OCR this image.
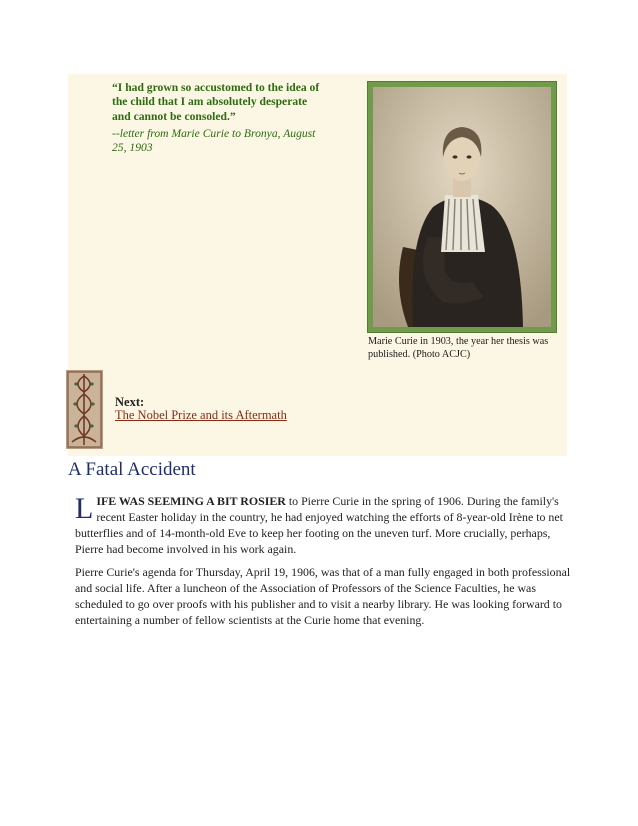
“I had grown so accustomed to the idea of the child that I am absolutely desperate and cannot be consoled.”
--letter from Marie Curie to Bronya, August 25, 1903
Marie Curie in 1903, the year her thesis was published. (Photo ACJC)
Next:
The Nobel Prize and its Aftermath
A Fatal Accident
LIFE WAS SEEMING A BIT ROSIER to Pierre Curie in the spring of 1906. During the family's recent Easter holiday in the country, he had enjoyed watching the efforts of 8-year-old Irène to net butterflies and of 14-month-old Eve to keep her footing on the uneven turf. More crucially, perhaps, Pierre had become involved in his work again.
Pierre Curie's agenda for Thursday, April 19, 1906, was that of a man fully engaged in both professional and social life. After a luncheon of the Association of Professors of the Science Faculties, he was scheduled to go over proofs with his publisher and to visit a nearby library. He was looking forward to entertaining a number of fellow scientists at the Curie home that evening.
